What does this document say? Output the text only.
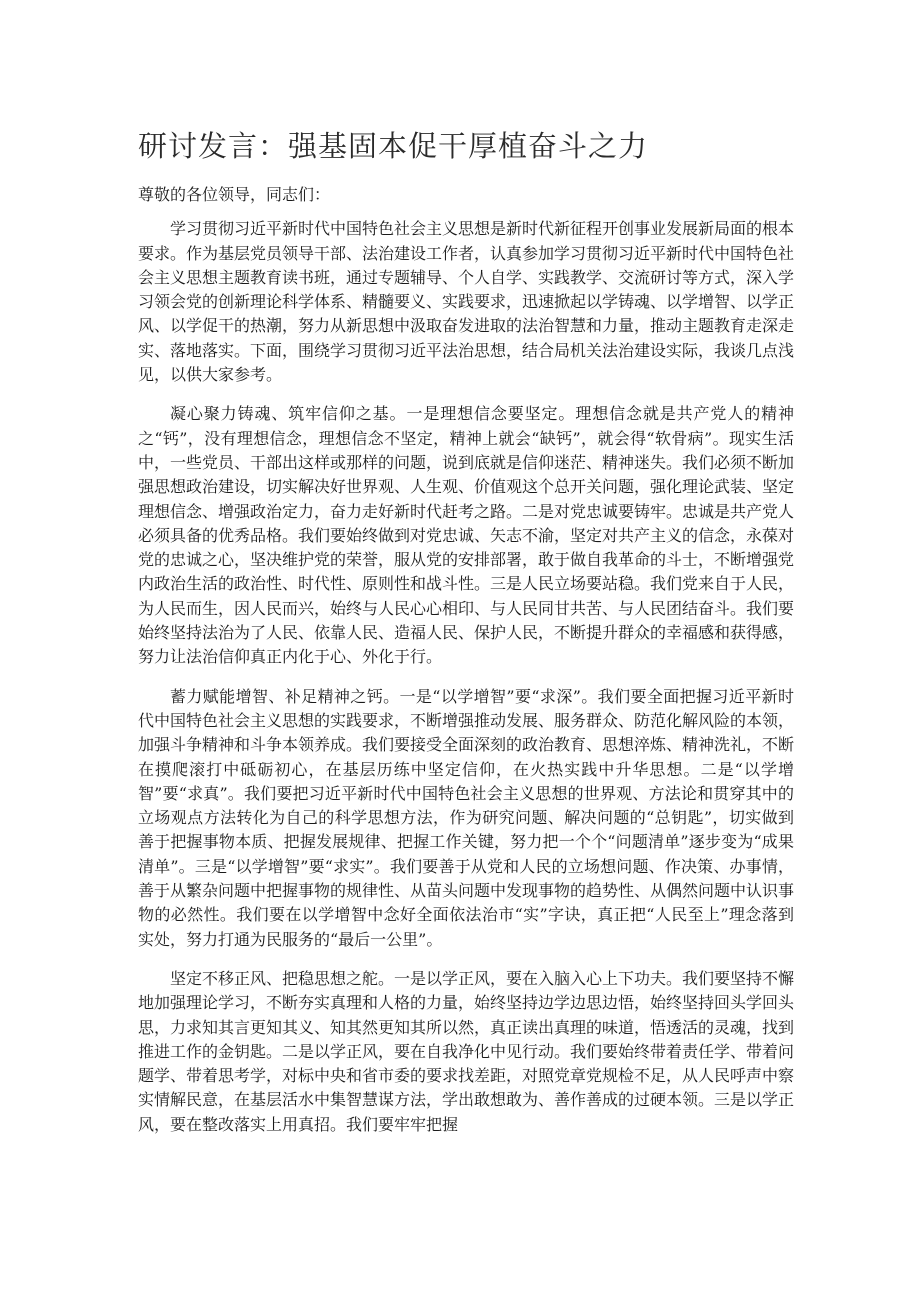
研讨发言：强基固本促干厚植奋斗之力

尊敬的各位领导，同志们：

学习贯彻习近平新时代中国特色社会主义思想是新时代新征程开创事业发展新局面的根本要求。作为基层党员领导干部、法治建设工作者，认真参加学习贯彻习近平新时代中国特色社会主义思想主题教育读书班，通过专题辅导、个人自学、实践教学、交流研讨等方式，深入学习领会党的创新理论科学体系、精髓要义、实践要求，迅速掀起以学铸魂、以学增智、以学正风、以学促干的热潮，努力从新思想中汲取奋发进取的法治智慧和力量，推动主题教育走深走实、落地落实。下面，围绕学习贯彻习近平法治思想，结合局机关法治建设实际，我谈几点浅见，以供大家参考。

凝心聚力铸魂、筑牢信仰之基。一是理想信念要坚定。理想信念就是共产党人的精神之“钙”，没有理想信念，理想信念不坚定，精神上就会“缺钙”，就会得“软骨病”。现实生活中，一些党员、干部出这样或那样的问题，说到底就是信仰迷茫、精神迷失。我们必须不断加强思想政治建设，切实解决好世界观、人生观、价值观这个总开关问题，强化理论武装、坚定理想信念、增强政治定力，奋力走好新时代赶考之路。二是对党忠诚要铸牢。忠诚是共产党人必须具备的优秀品格。我们要始终做到对党忠诚、矢志不渝，坚定对共产主义的信念，永葆对党的忠诚之心，坚决维护党的荣誉，服从党的安排部署，敢于做自我革命的斗士，不断增强党内政治生活的政治性、时代性、原则性和战斗性。三是人民立场要站稳。我们党来自于人民，为人民而生，因人民而兴，始终与人民心心相印、与人民同甘共苦、与人民团结奋斗。我们要始终坚持法治为了人民、依靠人民、造福人民、保护人民，不断提升群众的幸福感和获得感，努力让法治信仰真正内化于心、外化于行。

蓄力赋能增智、补足精神之钙。一是“以学增智”要“求深”。我们要全面把握习近平新时代中国特色社会主义思想的实践要求，不断增强推动发展、服务群众、防范化解风险的本领，加强斗争精神和斗争本领养成。我们要接受全面深刻的政治教育、思想淬炼、精神洗礼，不断在摸爬滚打中砥砺初心，在基层历练中坚定信仰，在火热实践中升华思想。二是“以学增智”要“求真”。我们要把习近平新时代中国特色社会主义思想的世界观、方法论和贯穿其中的立场观点方法转化为自己的科学思想方法，作为研究问题、解决问题的“总钥匙”，切实做到善于把握事物本质、把握发展规律、把握工作关键，努力把一个个“问题清单”逐步变为“成果清单”。三是“以学增智”要“求实”。我们要善于从党和人民的立场想问题、作决策、办事情，善于从繁杂问题中把握事物的规律性、从苗头问题中发现事物的趋势性、从偶然问题中认识事物的必然性。我们要在以学增智中念好全面依法治市“实”字诀，真正把“人民至上”理念落到实处，努力打通为民服务的“最后一公里”。

坚定不移正风、把稳思想之舵。一是以学正风，要在入脑入心上下功夫。我们要坚持不懈地加强理论学习，不断夯实真理和人格的力量，始终坚持边学边思边悟，始终坚持回头学回头思，力求知其言更知其义、知其然更知其所以然，真正读出真理的味道，悟透活的灵魂，找到推进工作的金钥匙。二是以学正风，要在自我净化中见行动。我们要始终带着责任学、带着问题学、带着思考学，对标中央和省市委的要求找差距，对照党章党规检不足，从人民呼声中察实情解民意，在基层活水中集智慧谋方法，学出敢想敢为、善作善成的过硬本领。三是以学正风，要在整改落实上用真招。我们要牢牢把握
